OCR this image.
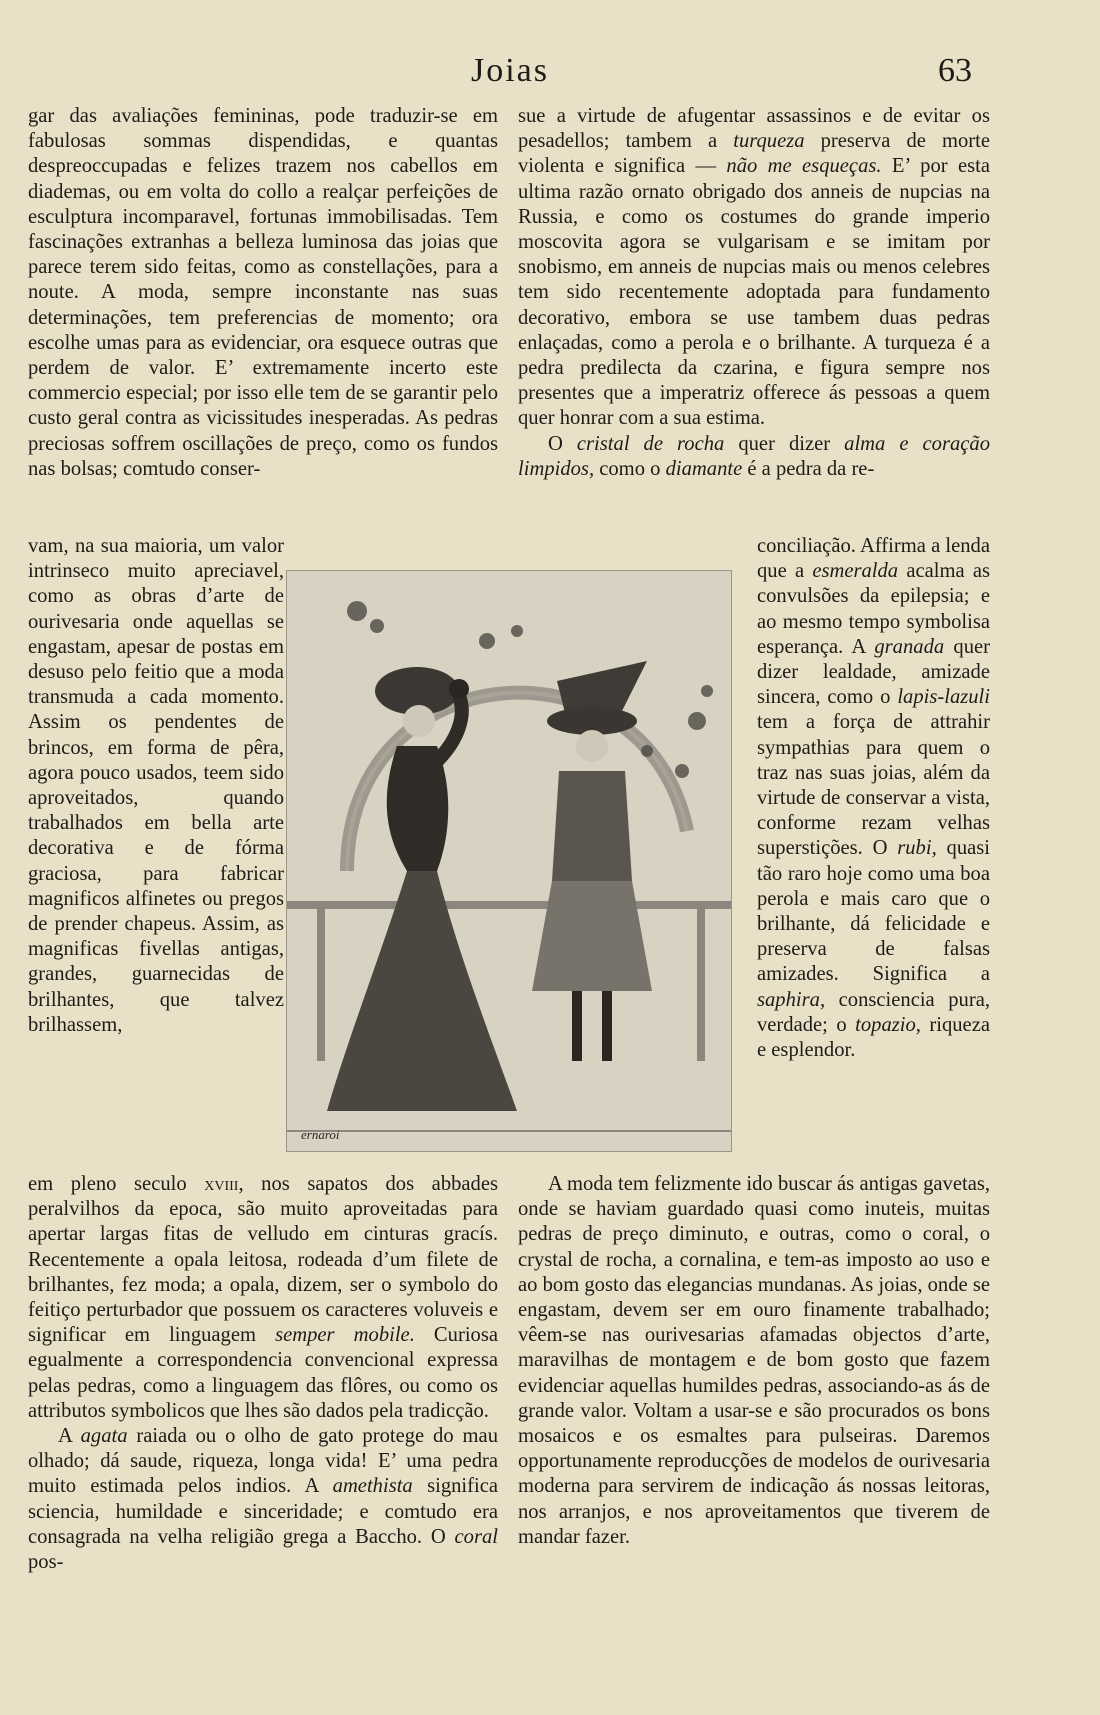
Joias	63

gar das avaliações femininas, pode traduzir-se em fabulosas sommas dispendidas, e quantas despreoccupadas e felizes trazem nos cabellos em diademas, ou em volta do collo a realçar perfeições de esculptura incomparavel, fortunas immobilisadas. Tem fascinações extranhas a belleza luminosa das joias que parece terem sido feitas, como as constellações, para a noute. A moda, sempre inconstante nas suas determinações, tem preferencias de momento; ora escolhe umas para as evidenciar, ora esquece outras que perdem de valor. E’ extremamente incerto este commercio especial; por isso elle tem de se garantir pelo custo geral contra as vicissitudes inesperadas. As pedras preciosas soffrem oscillações de preço, como os fundos nas bolsas; comtudo conser-

vam, na sua maioria, um valor intrinseco muito apreciavel, como as obras d’arte de ourivesaria onde aquellas se engastam, apesar de postas em desuso pelo feitio que a moda transmuda a cada momento. Assim os pendentes de brincos, em forma de pêra, agora pouco usados, teem sido aproveitados, quando trabalhados em bella arte decorativa e de fórma graciosa, para fabricar magnificos alfinetes ou pregos de prender chapeus. Assim, as magnificas fivellas antigas, grandes, guarnecidas de brilhantes, que talvez brilhassem,

em pleno seculo xviii, nos sapatos dos abbades peralvilhos da epoca, são muito aproveitadas para apertar largas fitas de velludo em cinturas gracís. Recentemente a opala leitosa, rodeada d’um filete de brilhantes, fez moda; a opala, dizem, ser o symbolo do feitiço perturbador que possuem os caracteres voluveis e significar em linguagem semper mobile. Curiosa egualmente a correspondencia convencional expressa pelas pedras, como a linguagem das flôres, ou como os attributos symbolicos que lhes são dados pela tradicção.

A agata raiada ou o olho de gato protege do mau olhado; dá saude, riqueza, longa vida! E’ uma pedra muito estimada pelos indios. A amethista significa sciencia, humildade e sinceridade; e comtudo era consagrada na velha religião grega a Baccho. O coral pos-

sue a virtude de afugentar assassinos e de evitar os pesadellos; tambem a turqueza preserva de morte violenta e significa — não me esqueças. E’ por esta ultima razão ornato obrigado dos anneis de nupcias na Russia, e como os costumes do grande imperio moscovita agora se vulgarisam e se imitam por snobismo, em anneis de nupcias mais ou menos celebres tem sido recentemente adoptada para fundamento decorativo, embora se use tambem duas pedras enlaçadas, como a perola e o brilhante. A turqueza é a pedra predilecta da czarina, e figura sempre nos presentes que a imperatriz offerece ás pessoas a quem quer honrar com a sua estima.

O cristal de rocha quer dizer alma e coração limpidos, como o diamante é a pedra da re-

conciliação. Affirma a lenda que a esmeralda acalma as convulsões da epilepsia; e ao mesmo tempo symbolisa esperança. A granada quer dizer lealdade, amizade sincera, como o lapis-lazuli tem a força de attrahir sympathias para quem o traz nas suas joias, além da virtude de conservar a vista, conforme rezam velhas superstições. O rubi, quasi tão raro hoje como uma boa perola e mais caro que o brilhante, dá felicidade e preserva de falsas amizades. Significa a saphira, consciencia pura, verdade; o topazio, riqueza e esplendor.

A moda tem felizmente ido buscar ás antigas gavetas, onde se haviam guardado quasi como inuteis, muitas pedras de preço diminuto, e outras, como o coral, o crystal de rocha, a cornalina, e tem-as imposto ao uso e ao bom gosto das elegancias mundanas. As joias, onde se engastam, devem ser em ouro finamente trabalhado; vêem-se nas ourivesarias afamadas objectos d’arte, maravilhas de montagem e de bom gosto que fazem evidenciar aquellas humildes pedras, associando-as ás de grande valor. Voltam a usar-se e são procurados os bons mosaicos e os esmaltes para pulseiras. Daremos opportunamente reproducções de modelos de ourivesaria moderna para servirem de indicação ás nossas leitoras, nos arranjos, e nos aproveitamentos que tiverem de mandar fazer.

ernaroi
